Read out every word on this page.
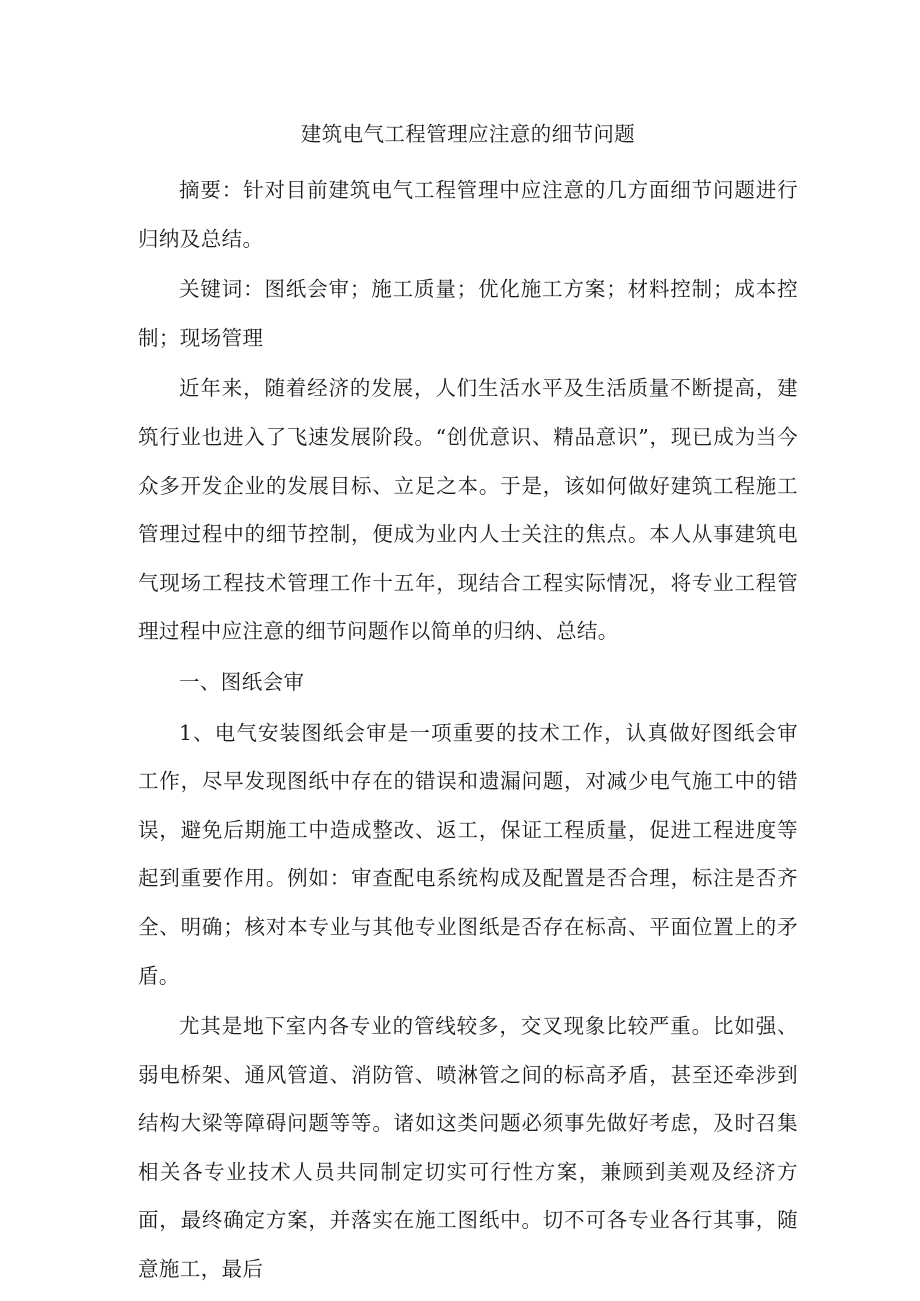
建筑电气工程管理应注意的细节问题

摘要：针对目前建筑电气工程管理中应注意的几方面细节问题进行归纳及总结。

关键词：图纸会审；施工质量；优化施工方案；材料控制；成本控制；现场管理

近年来，随着经济的发展，人们生活水平及生活质量不断提高，建筑行业也进入了飞速发展阶段。“创优意识、精品意识”，现已成为当今众多开发企业的发展目标、立足之本。于是，该如何做好建筑工程施工管理过程中的细节控制，便成为业内人士关注的焦点。本人从事建筑电气现场工程技术管理工作十五年，现结合工程实际情况，将专业工程管理过程中应注意的细节问题作以简单的归纳、总结。

一、图纸会审

1、电气安装图纸会审是一项重要的技术工作，认真做好图纸会审工作，尽早发现图纸中存在的错误和遗漏问题，对减少电气施工中的错误，避免后期施工中造成整改、返工，保证工程质量，促进工程进度等起到重要作用。例如：审查配电系统构成及配置是否合理，标注是否齐全、明确；核对本专业与其他专业图纸是否存在标高、平面位置上的矛盾。

尤其是地下室内各专业的管线较多，交叉现象比较严重。比如强、弱电桥架、通风管道、消防管、喷淋管之间的标高矛盾，甚至还牵涉到结构大梁等障碍问题等等。诸如这类问题必须事先做好考虑，及时召集相关各专业技术人员共同制定切实可行性方案，兼顾到美观及经济方面，最终确定方案，并落实在施工图纸中。切不可各专业各行其事，随意施工，最后
